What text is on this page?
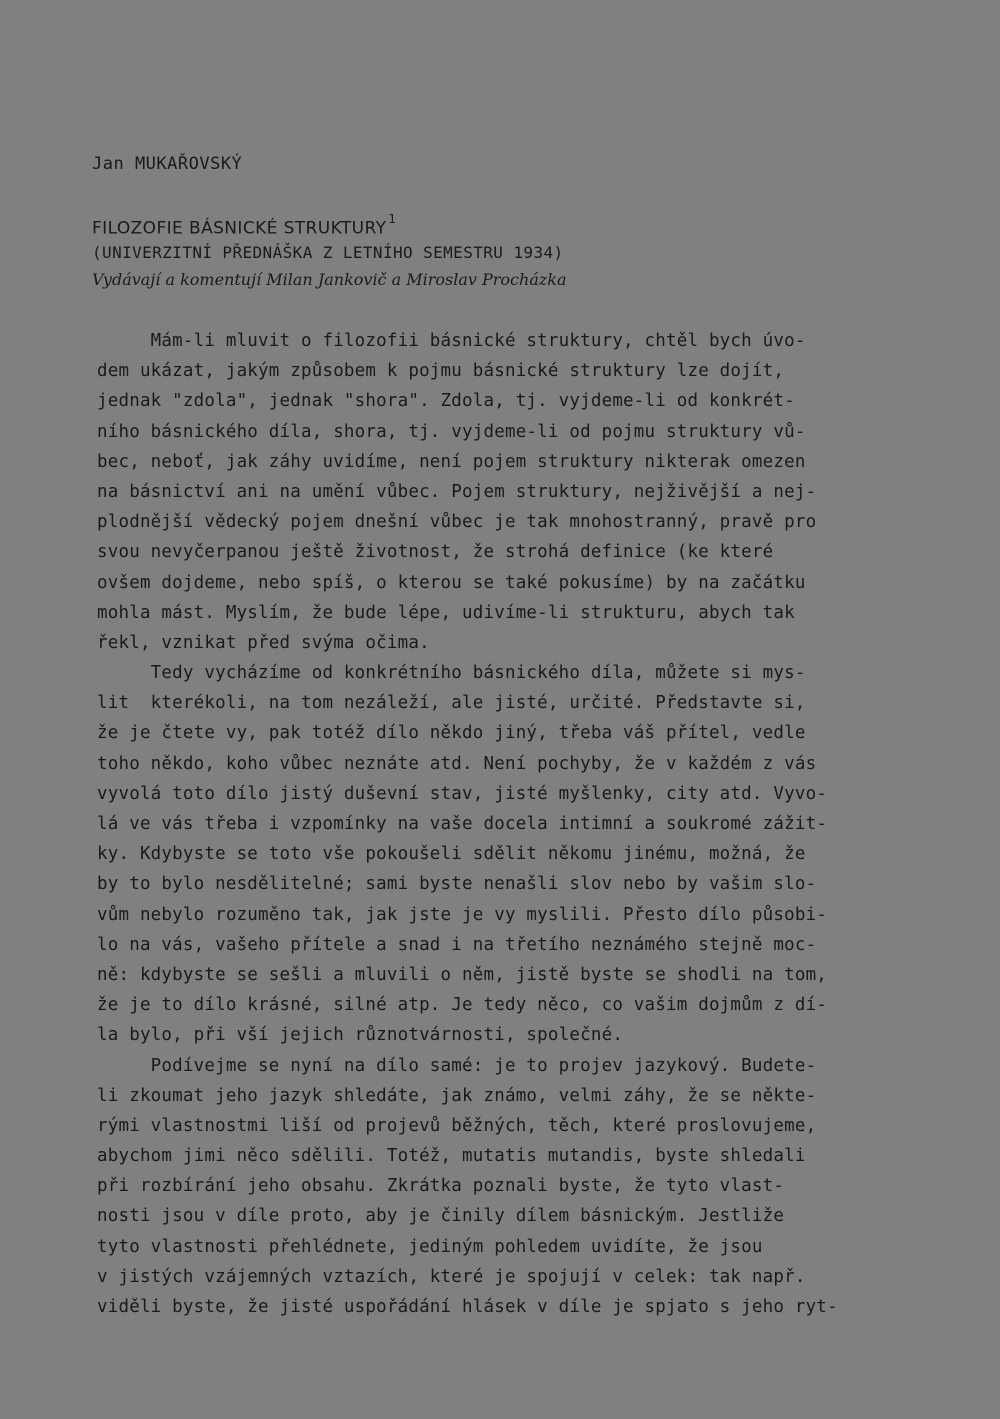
Jan MUKAŘOVSKÝ
FILOZOFIE BÁSNICKÉ STRUKTURY $^1$
(UNIVERZITNÍ PŘEDNÁŠKA Z LETNÍHO SEMESTRU 1934)
Vydávají a komentují Milan Jankovič a Miroslav Procházka
Mám-li mluvit o filozofii básnické struktury, chtěl bych úvo-
dem ukázat, jakým způsobem k pojmu básnické struktury lze dojít,
jednak "zdola", jednak "shora". Zdola, tj. vyjdeme-li od konkrét-
ního básnického díla, shora, tj. vyjdeme-li od pojmu struktury vů-
bec, neboť, jak záhy uvidíme, není pojem struktury nikterak omezen
na básnictví ani na umění vůbec. Pojem struktury, nejživější a nej-
plodnější vědecký pojem dnešní vůbec je tak mnohostranný, pravě pro
svou nevyčerpanou ještě životnost, že strohá definice (ke které
ovšem dojdeme, nebo spíš, o kterou se také pokusíme) by na začátku
mohla mást. Myslím, že bude lépe, udivíme-li strukturu, abych tak
řekl, vznikat před svýma očima.
Tedy vycházíme od konkrétního básnického díla, můžete si mys-
lit  kterékoli, na tom nezáleží, ale jisté, určité. Představte si,
že je čtete vy, pak totéž dílo někdo jiný, třeba váš přítel, vedle
toho někdo, koho vůbec neznáte atd. Není pochyby, že v každém z vás
vyvolá toto dílo jistý duševní stav, jisté myšlenky, city atd. Vyvo-
lá ve vás třeba i vzpomínky na vaše docela intimní a soukromé zážit-
ky. Kdybyste se toto vše pokoušeli sdělit někomu jinému, možná, že
by to bylo nesdělitelné; sami byste nenašli slov nebo by vašim slo-
vům nebylo rozuměno tak, jak jste je vy myslili. Přesto dílo působi-
lo na vás, vašeho přítele a snad i na třetího neznámého stejně moc-
ně: kdybyste se sešli a mluvili o něm, jistě byste se shodli na tom,
že je to dílo krásné, silné atp. Je tedy něco, co vašim dojmům z dí-
la bylo, při vší jejich různotvárnosti, společné.
Podívejme se nyní na dílo samé: je to projev jazykový. Budete-
li zkoumat jeho jazyk shledáte, jak známo, velmi záhy, že se někte-
rými vlastnostmi liší od projevů běžných, těch, které proslovujeme,
abychom jimi něco sdělili. Totéž, mutatis mutandis, byste shledali
při rozbírání jeho obsahu. Zkrátka poznali byste, že tyto vlast-
nosti jsou v díle proto, aby je činily dílem básnickým. Jestliže
tyto vlastnosti přehlédnete, jediným pohledem uvidíte, že jsou
v jistých vzájemných vztazích, které je spojují v celek: tak např.
viděli byste, že jisté uspořádání hlásek v díle je spjato s jeho ryt-
